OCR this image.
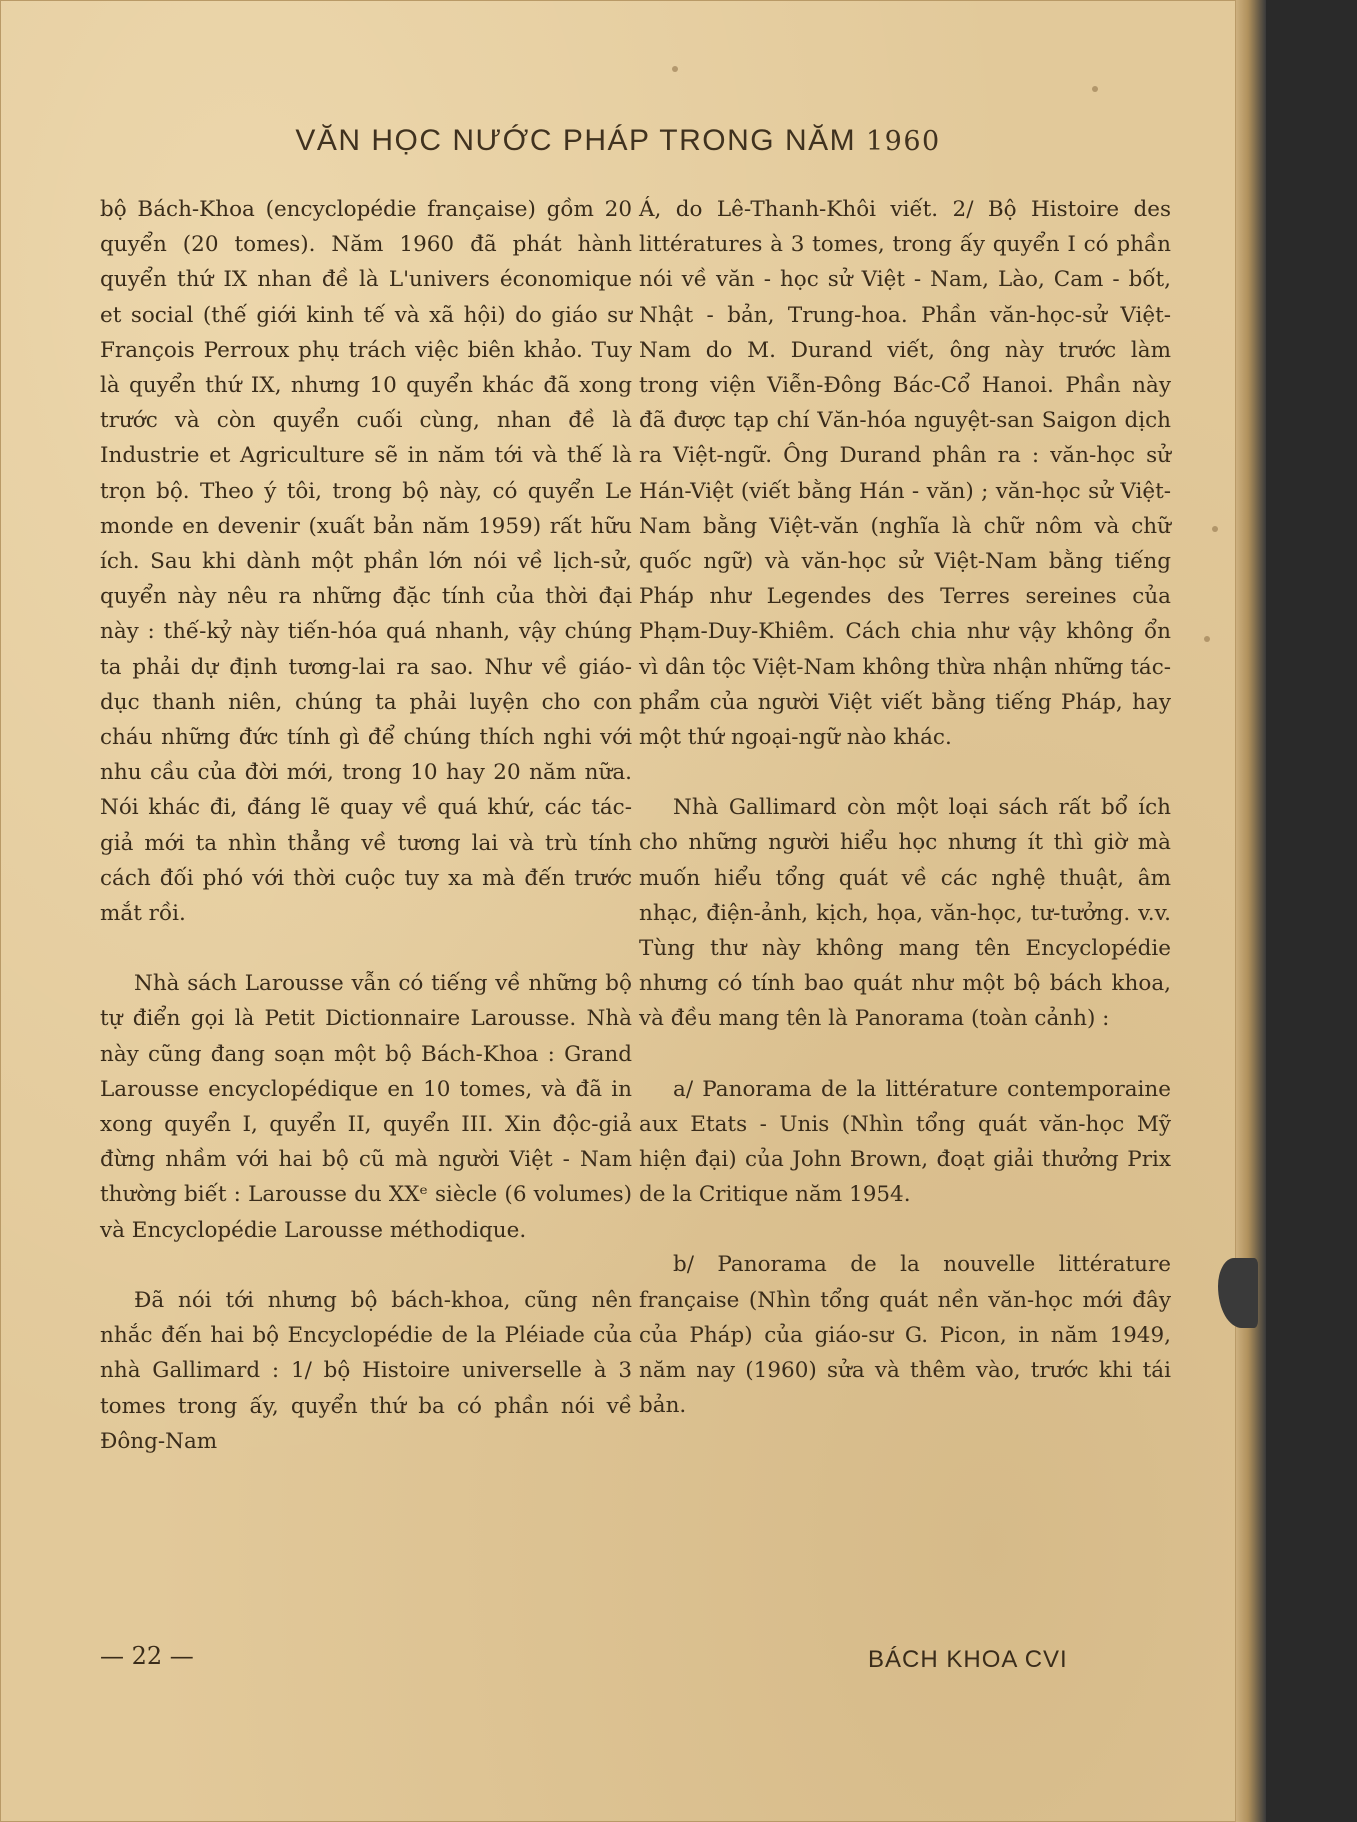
VĂN HỌC NƯỚC PHÁP TRONG NĂM 1960

bộ Bách-Khoa (encyclopédie française) gồm 20 quyển (20 tomes). Năm 1960 đã phát hành quyển thứ IX nhan đề là L'univers économique et social (thế giới kinh tế và xã hội) do giáo sư François Perroux phụ trách việc biên khảo. Tuy là quyển thứ IX, nhưng 10 quyển khác đã xong trước và còn quyển cuối cùng, nhan đề là Industrie et Agriculture sẽ in năm tới và thế là trọn bộ. Theo ý tôi, trong bộ này, có quyển Le monde en devenir (xuất bản năm 1959) rất hữu ích. Sau khi dành một phần lớn nói về lịch-sử, quyển này nêu ra những đặc tính của thời đại này : thế-kỷ này tiến-hóa quá nhanh, vậy chúng ta phải dự định tương-lai ra sao. Như về giáo-dục thanh niên, chúng ta phải luyện cho con cháu những đức tính gì để chúng thích nghi với nhu cầu của đời mới, trong 10 hay 20 năm nữa. Nói khác đi, đáng lẽ quay về quá khứ, các tác-giả mới ta nhìn thẳng về tương lai và trù tính cách đối phó với thời cuộc tuy xa mà đến trước mắt rồi.

Nhà sách Larousse vẫn có tiếng về những bộ tự điển gọi là Petit Dictionnaire Larousse. Nhà này cũng đang soạn một bộ Bách-Khoa : Grand Larousse encyclopédique en 10 tomes, và đã in xong quyển I, quyển II, quyển III. Xin độc-giả đừng nhầm với hai bộ cũ mà người Việt - Nam thường biết : Larousse du XXᵉ siècle (6 volumes) và Encyclopédie Larousse méthodique.

Đã nói tới nhưng bộ bách-khoa, cũng nên nhắc đến hai bộ Encyclopédie de la Pléiade của nhà Gallimard : 1/ bộ Histoire universelle à 3 tomes trong ấy, quyển thứ ba có phần nói về Đông-Nam

Á, do Lê-Thanh-Khôi viết. 2/ Bộ Histoire des littératures à 3 tomes, trong ấy quyển I có phần nói về văn - học sử Việt - Nam, Lào, Cam - bốt, Nhật - bản, Trung-hoa. Phần văn-học-sử Việt-Nam do M. Durand viết, ông này trước làm trong viện Viễn-Đông Bác-Cổ Hanoi. Phần này đã được tạp chí Văn-hóa nguyệt-san Saigon dịch ra Việt-ngữ. Ông Durand phân ra : văn-học sử Hán-Việt (viết bằng Hán - văn) ; văn-học sử Việt-Nam bằng Việt-văn (nghĩa là chữ nôm và chữ quốc ngữ) và văn-học sử Việt-Nam bằng tiếng Pháp như Legendes des Terres sereines của Phạm-Duy-Khiêm. Cách chia như vậy không ổn vì dân tộc Việt-Nam không thừa nhận những tác-phẩm của người Việt viết bằng tiếng Pháp, hay một thứ ngoại-ngữ nào khác.

Nhà Gallimard còn một loại sách rất bổ ích cho những người hiểu học nhưng ít thì giờ mà muốn hiểu tổng quát về các nghệ thuật, âm nhạc, điện-ảnh, kịch, họa, văn-học, tư-tưởng. v.v. Tùng thư này không mang tên Encyclopédie nhưng có tính bao quát như một bộ bách khoa, và đều mang tên là Panorama (toàn cảnh) :

a/ Panorama de la littérature contemporaine aux Etats - Unis (Nhìn tổng quát văn-học Mỹ hiện đại) của John Brown, đoạt giải thưởng Prix de la Critique năm 1954.

b/ Panorama de la nouvelle littérature française (Nhìn tổng quát nền văn-học mới đây của Pháp) của giáo-sư G. Picon, in năm 1949, năm nay (1960) sửa và thêm vào, trước khi tái bản.

— 22 —	BÁCH KHOA CVI
